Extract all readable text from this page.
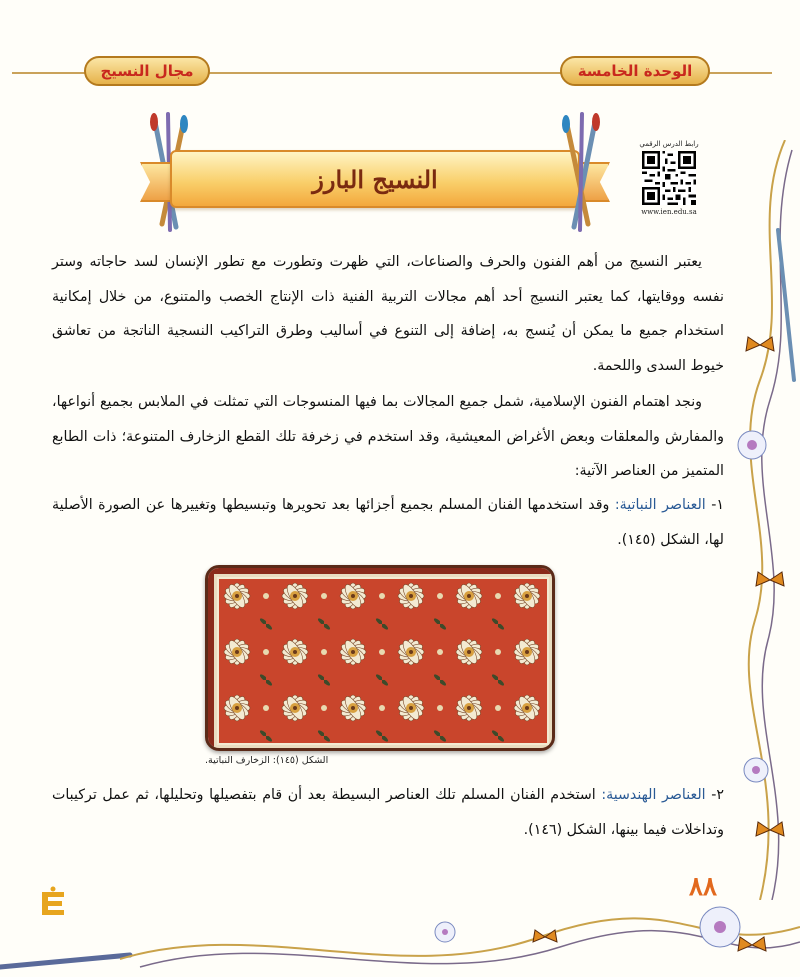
الوحدة الخامسة
مجال النسيج
النسيج البارز
رابط الدرس الرقمي
www.ien.edu.sa

يعتبر النسيج من أهم الفنون والحرف والصناعات، التي ظهرت وتطورت مع تطور الإنسان لسد حاجاته وستر نفسه ووقايتها، كما يعتبر النسيج أحد أهم مجالات التربية الفنية ذات الإنتاج الخصب والمتنوع، من خلال إمكانية استخدام جميع ما يمكن أن يُنسج به، إضافة إلى التنوع في أساليب وطرق التراكيب النسجية الناتجة من تعاشق خيوط السدى واللحمة.

ونجد اهتمام الفنون الإسلامية، شمل جميع المجالات بما فيها المنسوجات التي تمثلت في الملابس بجميع أنواعها، والمفارش والمعلقات وبعض الأغراض المعيشية، وقد استخدم في زخرفة تلك القطع الزخارف المتنوعة؛ ذات الطابع المتميز من العناصر الآتية:

١- العناصر النباتية: وقد استخدمها الفنان المسلم بجميع أجزائها بعد تحويرها وتبسيطها وتغييرها عن الصورة الأصلية لها، الشكل (١٤٥).

الشكل (١٤٥): الزخارف النباتية.

٢- العناصر الهندسية: استخدم الفنان المسلم تلك العناصر البسيطة بعد أن قام بتفصيلها وتحليلها، ثم عمل تركيبات وتداخلات فيما بينها، الشكل (١٤٦).

٨٨
